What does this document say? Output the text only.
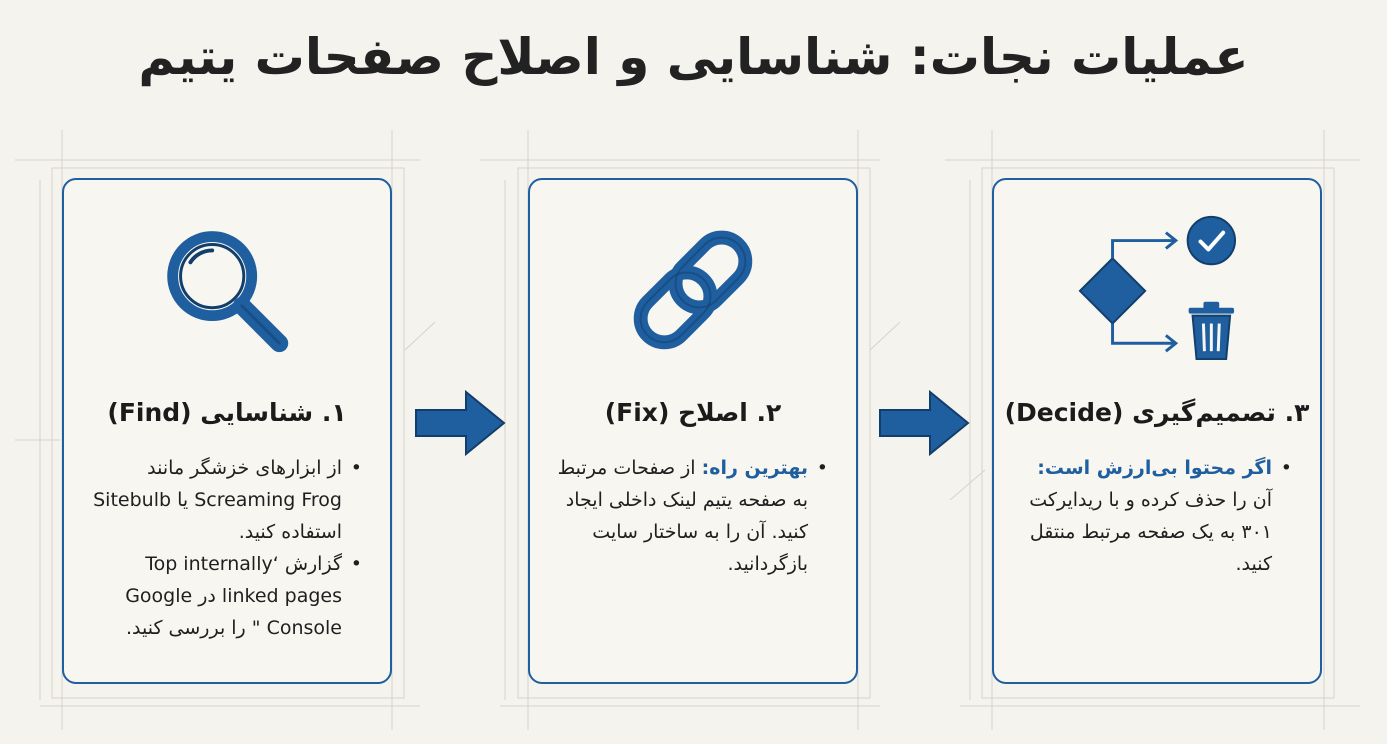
عملیات نجات: شناسایی و اصلاح صفحات یتیم
۱. شناسایی (Find)
• از ابزارهای خزشگر مانند Screaming Frog یا Sitebulb استفاده کنید.
• گزارش ‘Top internally linked pages در Google Console " را بررسی کنید.
۲. اصلاح (Fix)
• بهترین راه: از صفحات مرتبط به صفحه یتیم لینک داخلی ایجاد کنید. آن را به ساختار سایت بازگردانید.
۳. تصمیم‌گیری (Decide)
• اگر محتوا بی‌ارزش است: آن را حذف کرده و با ریدایرکت ۳۰۱ به یک صفحه مرتبط منتقل کنید.
